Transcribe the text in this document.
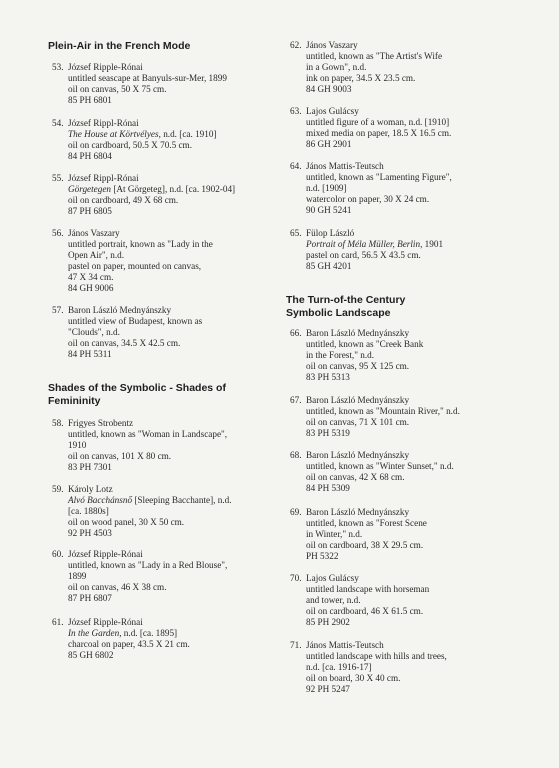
Plein-Air in the French Mode
53. József Ripple-Rónai
untitled seascape at Banyuls-sur-Mer, 1899
oil on canvas, 50 X 75 cm.
85 PH 6801
54. József Rippl-Rónai
The House at Körtvélyes, n.d. [ca. 1910]
oil on cardboard, 50.5 X 70.5 cm.
84 PH 6804
55. József Rippl-Rónai
Görgetegen [At Görgeteg], n.d. [ca. 1902-04]
oil on cardboard, 49 X 68 cm.
87 PH 6805
56. János Vaszary
untitled portrait, known as "Lady in the
Open Air", n.d.
pastel on paper, mounted on canvas,
47 X 34 cm.
84 GH 9006
57. Baron László Mednyánszky
untitled view of Budapest, known as
"Clouds", n.d.
oil on canvas, 34.5 X 42.5 cm.
84 PH 5311
Shades of the Symbolic - Shades of
Femininity
58. Frigyes Strobentz
untitled, known as "Woman in Landscape",
1910
oil on canvas, 101 X 80 cm.
83 PH 7301
59. Károly Lotz
Alvó Bacchánsnő [Sleeping Bacchante], n.d.
[ca. 1880s]
oil on wood panel, 30 X 50 cm.
92 PH 4503
60. József Ripple-Rónai
untitled, known as "Lady in a Red Blouse",
1899
oil on canvas, 46 X 38 cm.
87 PH 6807
61. József Ripple-Rónai
In the Garden, n.d. [ca. 1895]
charcoal on paper, 43.5 X 21 cm.
85 GH 6802
62. János Vaszary
untitled, known as "The Artist's Wife
in a Gown", n.d.
ink on paper, 34.5 X 23.5 cm.
84 GH 9003
63. Lajos Gulácsy
untitled figure of a woman, n.d. [1910]
mixed media on paper, 18.5 X 16.5 cm.
86 GH 2901
64. János Mattis-Teutsch
untitled, known as "Lamenting Figure",
n.d. [1909]
watercolor on paper, 30 X 24 cm.
90 GH 5241
65. Fülop László
Portrait of Méla Müller, Berlin, 1901
pastel on card, 56.5 X 43.5 cm.
85 GH 4201
The Turn-of-the Century
Symbolic Landscape
66. Baron László Mednyánszky
untitled, known as "Creek Bank
in the Forest," n.d.
oil on canvas, 95 X 125 cm.
83 PH 5313
67. Baron László Mednyánszky
untitled, known as "Mountain River," n.d.
oil on canvas, 71 X 101 cm.
83 PH 5319
68. Baron László Mednyánszky
untitled, known as "Winter Sunset," n.d.
oil on canvas, 42 X 68 cm.
84 PH 5309
69. Baron László Mednyánszky
untitled, known as "Forest Scene
in Winter," n.d.
oil on cardboard, 38 X 29.5 cm.
PH 5322
70. Lajos Gulácsy
untitled landscape with horseman
and tower, n.d.
oil on cardboard, 46 X 61.5 cm.
85 PH 2902
71. János Mattis-Teutsch
untitled landscape with hills and trees,
n.d. [ca. 1916-17]
oil on board, 30 X 40 cm.
92 PH 5247
